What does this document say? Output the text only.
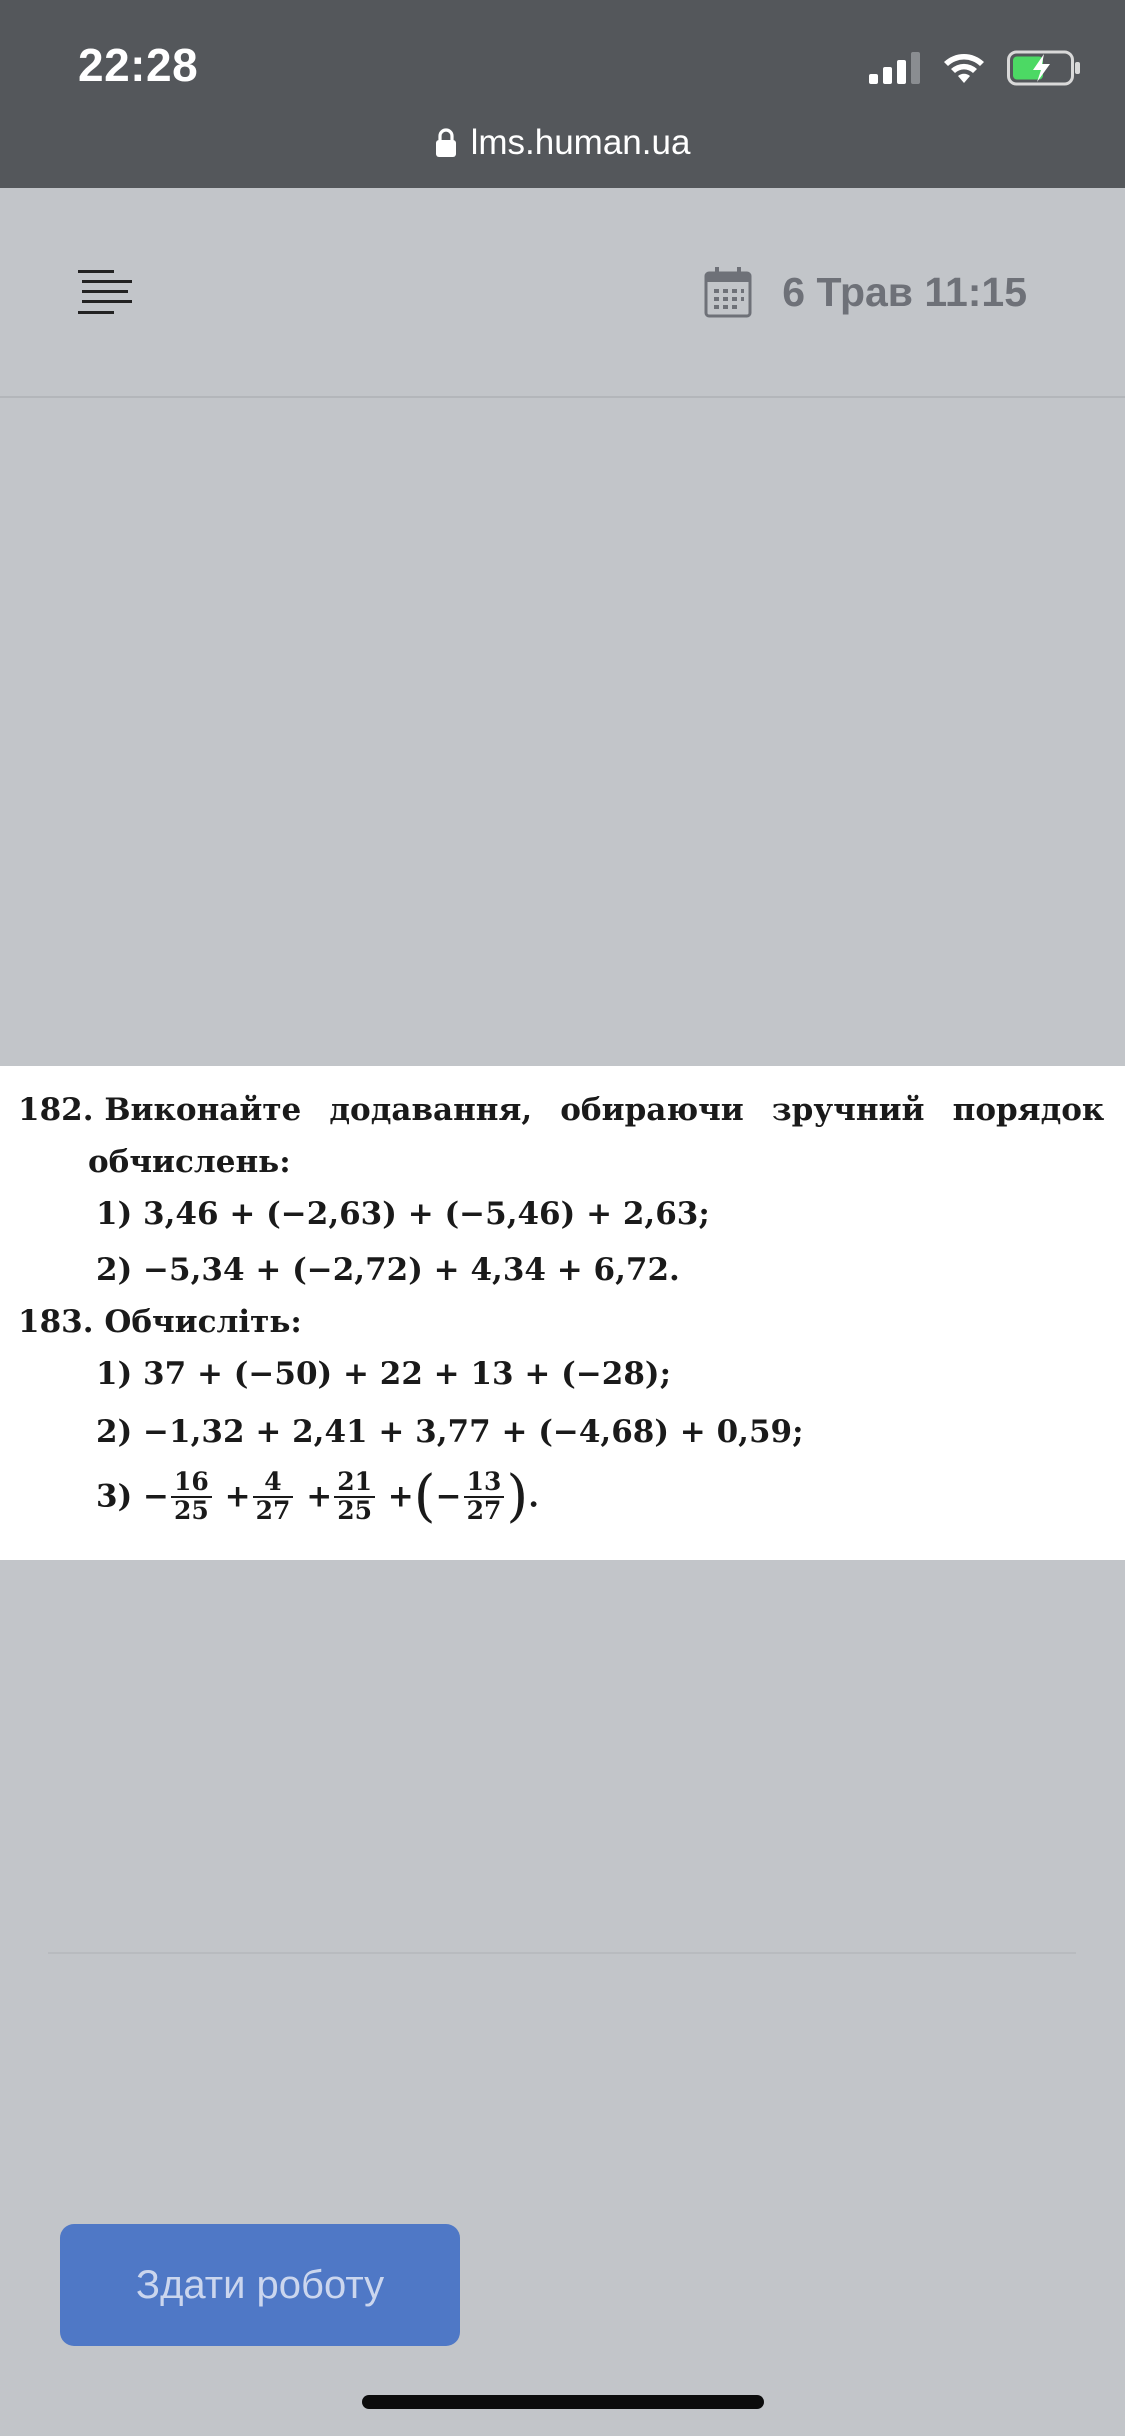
22:28
lms.human.ua
6 Трав 11:15
182. Виконайте додавання, обираючи зручний порядок
обчислень:
1) 3,46 + (−2,63) + (−5,46) + 2,63;
2) −5,34 + (−2,72) + 4,34 + 6,72.
183. Обчисліть:
1) 37 + (−50) + 22 + 13 + (−28);
2) −1,32 + 2,41 + 3,77 + (−4,68) + 0,59;
$3) - \frac{16}{25} + \frac{4}{27} + \frac{21}{25}$ +(− $\frac{13}{27}$ ).
Здати роботу
